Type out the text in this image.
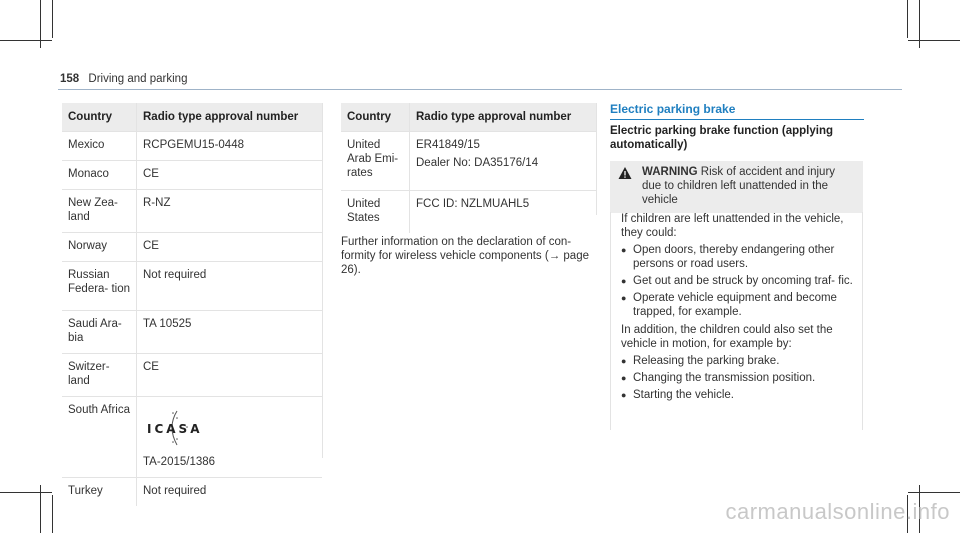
158 Driving and parking
Country	Radio type approval number
Mexico	RCPGEMU15-0448
Monaco	CE
New Zea- land	R-NZ
Norway	CE
Russian Federa- tion	Not required
Saudi Ara- bia	TA 10525
Switzer- land	CE
South Africa	ICASA
TA-2015/1386
Turkey	Not required
Country	Radio type approval number
United Arab Emi- rates	ER41849/15
Dealer No: DA35176/14

United States	FCC ID: NZLMUAHL5
Further information on the declaration of con- formity for wireless vehicle components (→ page 26).
Electric parking brake
Electric parking brake function (applying automatically)
WARNING Risk of accident and injury due to children left unattended in the vehicle

If children are left unattended in the vehicle, they could:

● Open doors, thereby endangering other persons or road users.
● Get out and be struck by oncoming traf- fic.
● Operate vehicle equipment and become trapped, for example.

In addition, the children could also set the vehicle in motion, for example by:

● Releasing the parking brake.
● Changing the transmission position.
● Starting the vehicle.
carmanualsonline.info
